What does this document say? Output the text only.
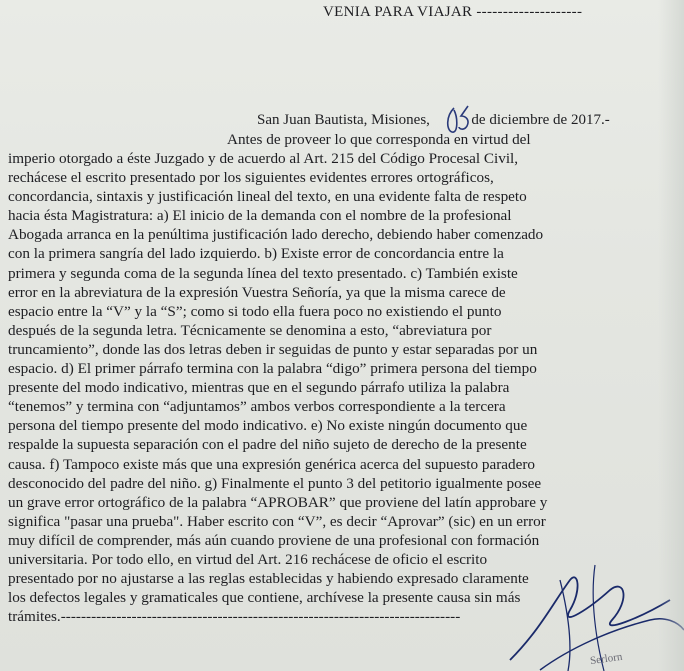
VENIA PARA VIAJAR --------------------
San Juan Bautista, Misiones,	de diciembre de 2017.-
Antes de proveer lo que corresponda en virtud del
imperio otorgado a éste Juzgado y de acuerdo al Art. 215 del Código Procesal Civil,
rechácese el escrito presentado por los siguientes evidentes errores ortográficos,
concordancia, sintaxis y justificación lineal del texto, en una evidente falta de respeto
hacia ésta Magistratura: a) El inicio de la demanda con el nombre de la profesional
Abogada arranca en la penúltima justificación lado derecho, debiendo haber comenzado
con la primera sangría del lado izquierdo. b) Existe error de concordancia entre la
primera y segunda coma de la segunda línea del texto presentado. c) También existe
error en la abreviatura de la expresión Vuestra Señoría, ya que la misma carece de
espacio entre la “V” y la “S”; como si todo ella fuera poco no existiendo el punto
después de la segunda letra. Técnicamente se denomina a esto, “abreviatura por
truncamiento”, donde las dos letras deben ir seguidas de punto y estar separadas por un
espacio. d) El primer párrafo termina con la palabra “digo” primera persona del tiempo
presente del modo indicativo, mientras que en el segundo párrafo utiliza la palabra
“tenemos” y termina con “adjuntamos” ambos verbos correspondiente a la tercera
persona del tiempo presente del modo indicativo. e) No existe ningún documento que
respalde la supuesta separación con el padre del niño sujeto de derecho de la presente
causa. f) Tampoco existe más que una expresión genérica acerca del supuesto paradero
desconocido del padre del niño. g) Finalmente el punto 3 del petitorio igualmente posee
un grave error ortográfico de la palabra “APROBAR” que proviene del latín approbare y
significa "pasar una prueba". Haber escrito con “V”, es decir “Aprovar” (sic) en un error
muy difícil de comprender, más aún cuando proviene de una profesional con formación
universitaria. Por todo ello, en virtud del Art. 216 rechácese de oficio el escrito
presentado por no ajustarse a las reglas establecidas y habiendo expresado claramente
los defectos legales y gramaticales que contiene, archívese la presente causa sin más
trámites.-------------------------------------------------------------------------------
Serlorn
